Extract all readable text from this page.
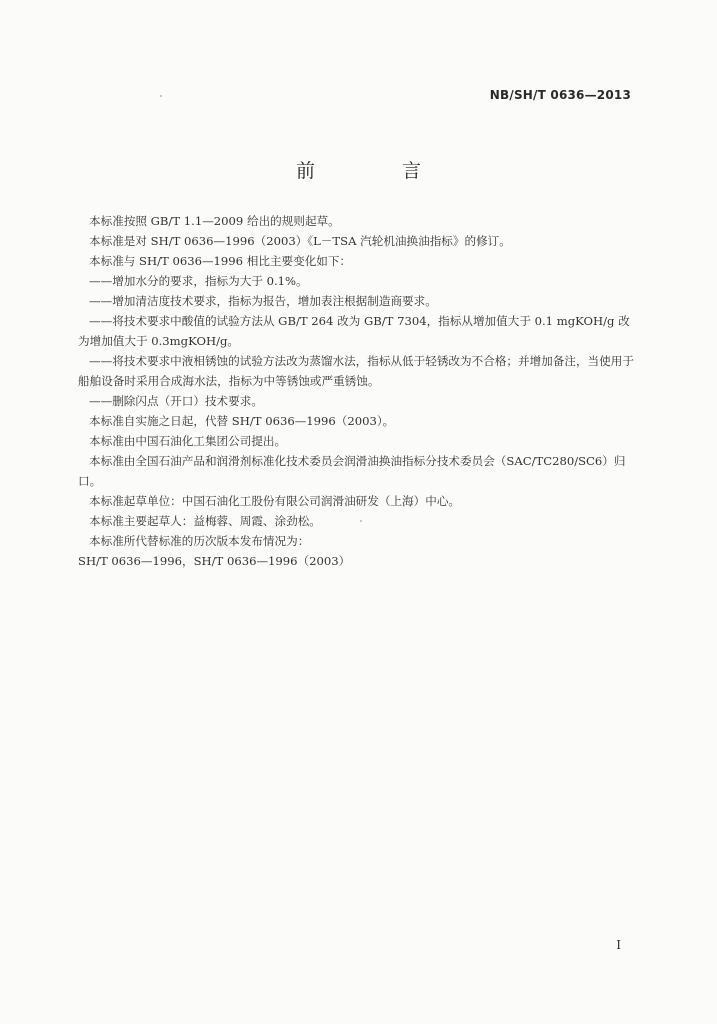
NB/SH/T 0636—2013
前　言

本标准按照 GB/T 1.1—2009 给出的规则起草。

本标准是对 SH/T 0636—1996（2003）《L－TSA 汽轮机油换油指标》的修订。

本标准与 SH/T 0636—1996 相比主要变化如下：

——增加水分的要求，指标为大于 0.1%。

——增加清洁度技术要求，指标为报告，增加表注根据制造商要求。

——将技术要求中酸值的试验方法从 GB/T 264 改为 GB/T 7304，指标从增加值大于 0.1 mgKOH/g 改为增加值大于 0.3mgKOH/g。

——将技术要求中液相锈蚀的试验方法改为蒸馏水法，指标从低于轻锈改为不合格；并增加备注，当使用于船舶设备时采用合成海水法，指标为中等锈蚀或严重锈蚀。

——删除闪点（开口）技术要求。

本标准自实施之日起，代替 SH/T 0636—1996（2003）。

本标准由中国石油化工集团公司提出。

本标准由全国石油产品和润滑剂标准化技术委员会润滑油换油指标分技术委员会（SAC/TC280/SC6）归口。

本标准起草单位：中国石油化工股份有限公司润滑油研发（上海）中心。

本标准主要起草人：益梅蓉、周霞、涂劲松。

本标准所代替标准的历次版本发布情况为：

SH/T 0636—1996，SH/T 0636—1996（2003）

I
